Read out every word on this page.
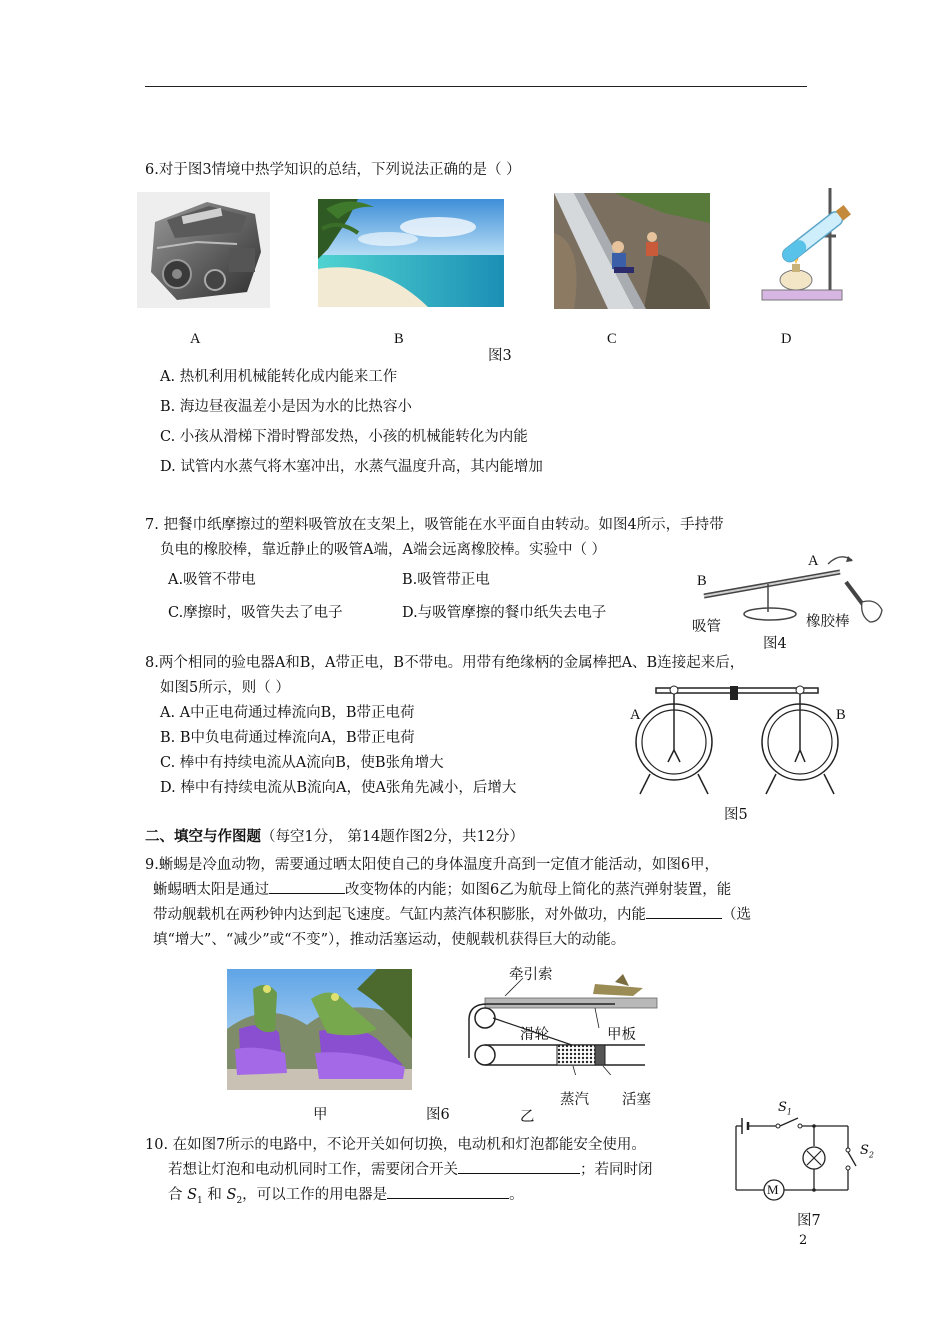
6.对于图3情境中热学知识的总结，下列说法正确的是（ ）
A	B	C	D
图3
A. 热机利用机械能转化成内能来工作
B. 海边昼夜温差小是因为水的比热容小
C. 小孩从滑梯下滑时臀部发热，小孩的机械能转化为内能
D. 试管内水蒸气将木塞冲出，水蒸气温度升高，其内能增加
7. 把餐巾纸摩擦过的塑料吸管放在支架上，吸管能在水平面自由转动。如图4所示，手持带
负电的橡胶棒，靠近静止的吸管A端，A端会远离橡胶棒。实验中（ ）
A.吸管不带电	B.吸管带正电
C.摩擦时，吸管失去了电子	D.与吸管摩擦的餐巾纸失去电子
A
B
吸管	橡胶棒
图4
8.两个相同的验电器A和B，A带正电，B不带电。用带有绝缘柄的金属棒把A、B连接起来后，
如图5所示，则（ ）
A. A中正电荷通过棒流向B，B带正电荷
B. B中负电荷通过棒流向A，B带正电荷
C. 棒中有持续电流从A流向B，使B张角增大
D. 棒中有持续电流从B流向A，使A张角先减小，后增大
A	B
图5
二、填空与作图题（每空1分， 第14题作图2分，共12分）
9.蜥蜴是冷血动物，需要通过晒太阳使自己的身体温度升高到一定值才能活动，如图6甲，
蜥蜴晒太阳是通过	改变物体的内能；如图6乙为航母上简化的蒸汽弹射装置，能
带动舰载机在两秒钟内达到起飞速度。气缸内蒸汽体积膨胀，对外做功，内能	（选
填“增大”、“减少”或“不变”），推动活塞运动，使舰载机获得巨大的动能。
牵引索
滑轮	甲板
蒸汽 活塞
甲	图6	乙
10. 在如图7所示的电路中，不论开关如何切换，电动机和灯泡都能安全使用。
若想让灯泡和电动机同时工作，需要闭合开关	；若同时闭
合 $S_1$ 和 $S_2$，可以工作的用电器是	。
$S_1$
$S_2$
M
图7
2
